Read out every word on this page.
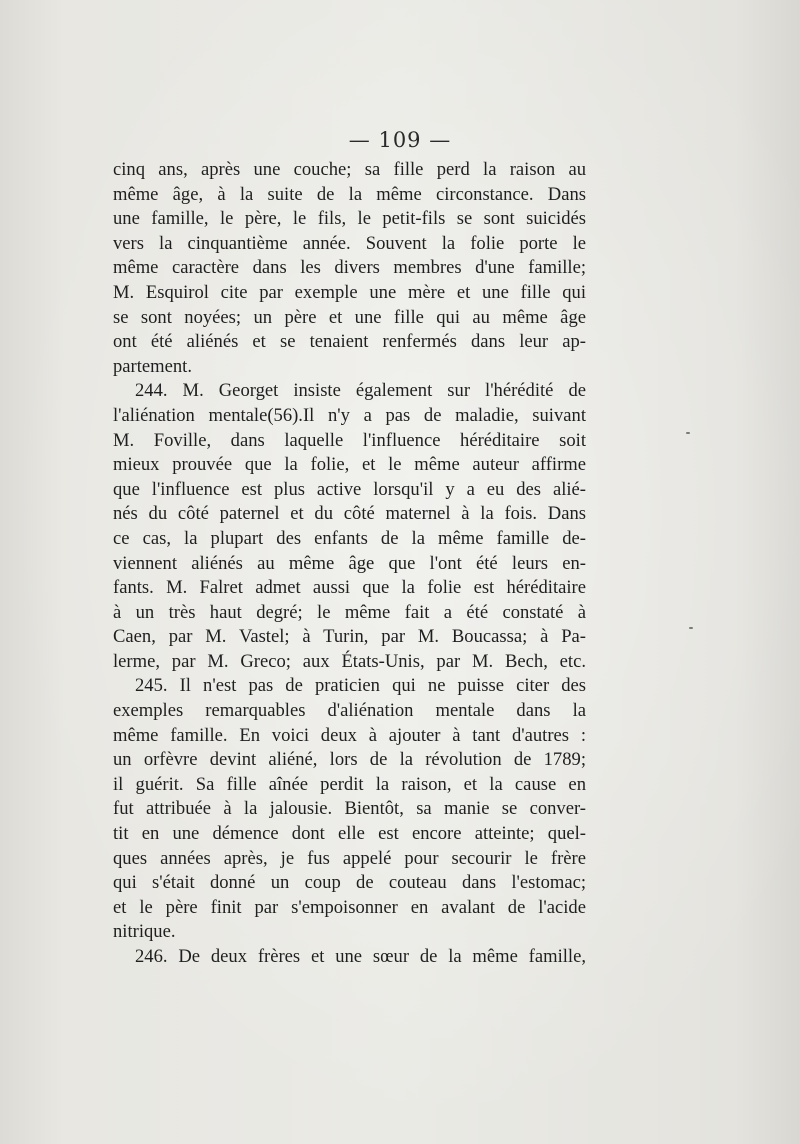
— 109 —
cinq ans, après une couche; sa fille perd la raison au
même âge, à la suite de la même circonstance. Dans
une famille, le père, le fils, le petit-fils se sont suicidés
vers la cinquantième année. Souvent la folie porte le
même caractère dans les divers membres d'une famille;
M. Esquirol cite par exemple une mère et une fille qui
se sont noyées; un père et une fille qui au même âge
ont été aliénés et se tenaient renfermés dans leur ap-
partement.
244. M. Georget insiste également sur l'hérédité de
l'aliénation mentale(56).Il n'y a pas de maladie, suivant
M. Foville, dans laquelle l'influence héréditaire soit
mieux prouvée que la folie, et le même auteur affirme
que l'influence est plus active lorsqu'il y a eu des alié-
nés du côté paternel et du côté maternel à la fois. Dans
ce cas, la plupart des enfants de la même famille de-
viennent aliénés au même âge que l'ont été leurs en-
fants. M. Falret admet aussi que la folie est héréditaire
à un très haut degré; le même fait a été constaté à
Caen, par M. Vastel; à Turin, par M. Boucassa; à Pa-
lerme, par M. Greco; aux États-Unis, par M. Bech, etc.
245. Il n'est pas de praticien qui ne puisse citer des
exemples remarquables d'aliénation mentale dans la
même famille. En voici deux à ajouter à tant d'autres :
un orfèvre devint aliéné, lors de la révolution de 1789;
il guérit. Sa fille aînée perdit la raison, et la cause en
fut attribuée à la jalousie. Bientôt, sa manie se conver-
tit en une démence dont elle est encore atteinte; quel-
ques années après, je fus appelé pour secourir le frère
qui s'était donné un coup de couteau dans l'estomac;
et le père finit par s'empoisonner en avalant de l'acide
nitrique.
246. De deux frères et une sœur de la même famille,
